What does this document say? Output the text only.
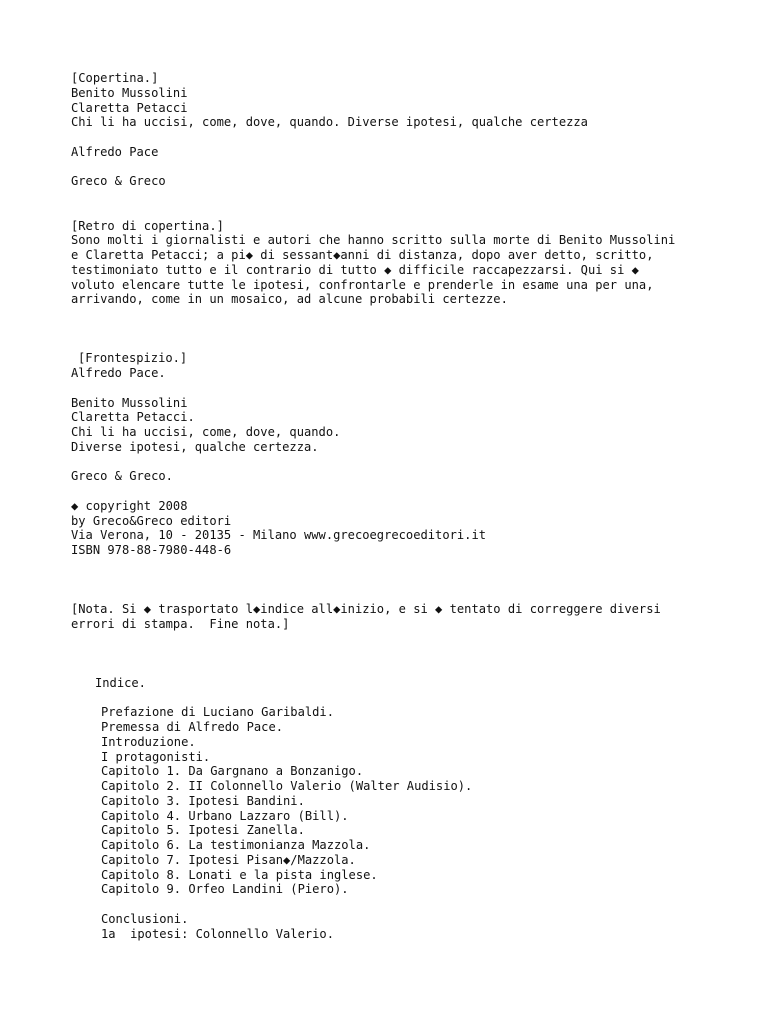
[Copertina.]
Benito Mussolini
Claretta Petacci
Chi li ha uccisi, come, dove, quando. Diverse ipotesi, qualche certezza
Alfredo Pace
Greco & Greco
[Retro di copertina.]
Sono molti i giornalisti e autori che hanno scritto sulla morte di Benito Mussolini
e Claretta Petacci; a pi◆ di sessant◆anni di distanza, dopo aver detto, scritto,
testimoniato tutto e il contrario di tutto ◆ difficile raccapezzarsi. Qui si ◆
voluto elencare tutte le ipotesi, confrontarle e prenderle in esame una per una,
arrivando, come in un mosaico, ad alcune probabili certezze.
[Frontespizio.]
Alfredo Pace.
Benito Mussolini
Claretta Petacci.
Chi li ha uccisi, come, dove, quando.
Diverse ipotesi, qualche certezza.
Greco & Greco.
◆ copyright 2008
by Greco&Greco editori
Via Verona, 10 - 20135 - Milano www.grecoegrecoeditori.it
ISBN 978-88-7980-448-6
[Nota. Si ◆ trasportato l◆indice all◆inizio, e si ◆ tentato di correggere diversi
errori di stampa.  Fine nota.]
Indice.
Prefazione di Luciano Garibaldi.
Premessa di Alfredo Pace.
Introduzione.
I protagonisti.
Capitolo 1. Da Gargnano a Bonzanigo.
Capitolo 2. II Colonnello Valerio (Walter Audisio).
Capitolo 3. Ipotesi Bandini.
Capitolo 4. Urbano Lazzaro (Bill).
Capitolo 5. Ipotesi Zanella.
Capitolo 6. La testimonianza Mazzola.
Capitolo 7. Ipotesi Pisan◆/Mazzola.
Capitolo 8. Lonati e la pista inglese.
Capitolo 9. Orfeo Landini (Piero).
Conclusioni.
1a  ipotesi: Colonnello Valerio.
